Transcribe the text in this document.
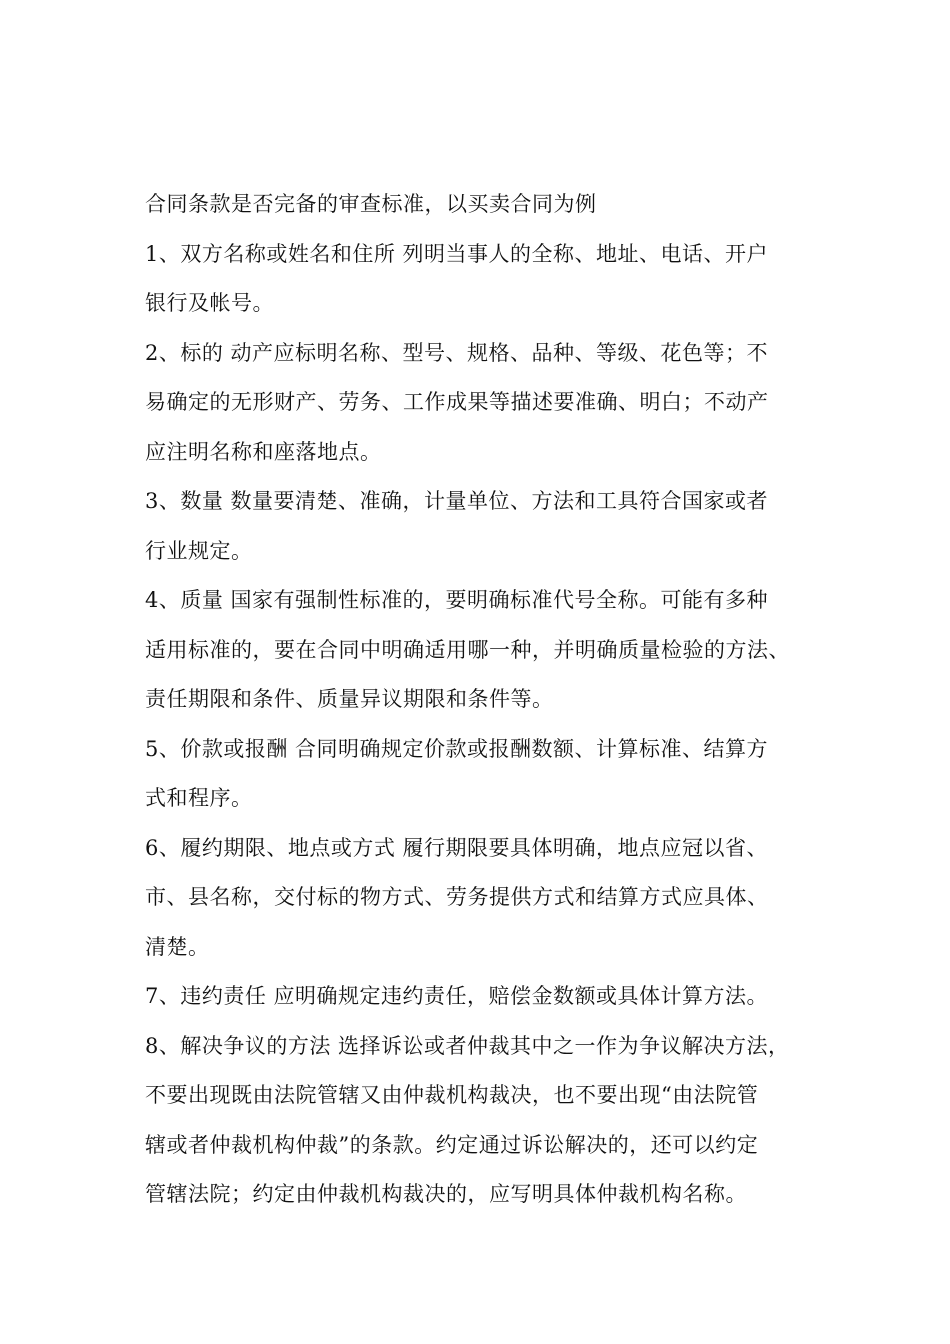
合同条款是否完备的审查标准，以买卖合同为例
1、双方名称或姓名和住所 列明当事人的全称、地址、电话、开户
银行及帐号。
2、标的 动产应标明名称、型号、规格、品种、等级、花色等；不
易确定的无形财产、劳务、工作成果等描述要准确、明白；不动产
应注明名称和座落地点。
3、数量 数量要清楚、准确，计量单位、方法和工具符合国家或者
行业规定。
4、质量 国家有强制性标准的，要明确标准代号全称。可能有多种
适用标准的，要在合同中明确适用哪一种，并明确质量检验的方法、
责任期限和条件、质量异议期限和条件等。
5、价款或报酬 合同明确规定价款或报酬数额、计算标准、结算方
式和程序。
6、履约期限、地点或方式 履行期限要具体明确，地点应冠以省、
市、县名称，交付标的物方式、劳务提供方式和结算方式应具体、
清楚。
7、违约责任 应明确规定违约责任，赔偿金数额或具体计算方法。
8、解决争议的方法 选择诉讼或者仲裁其中之一作为争议解决方法，
不要出现既由法院管辖又由仲裁机构裁决，也不要出现“由法院管
辖或者仲裁机构仲裁”的条款。约定通过诉讼解决的，还可以约定
管辖法院；约定由仲裁机构裁决的，应写明具体仲裁机构名称。
